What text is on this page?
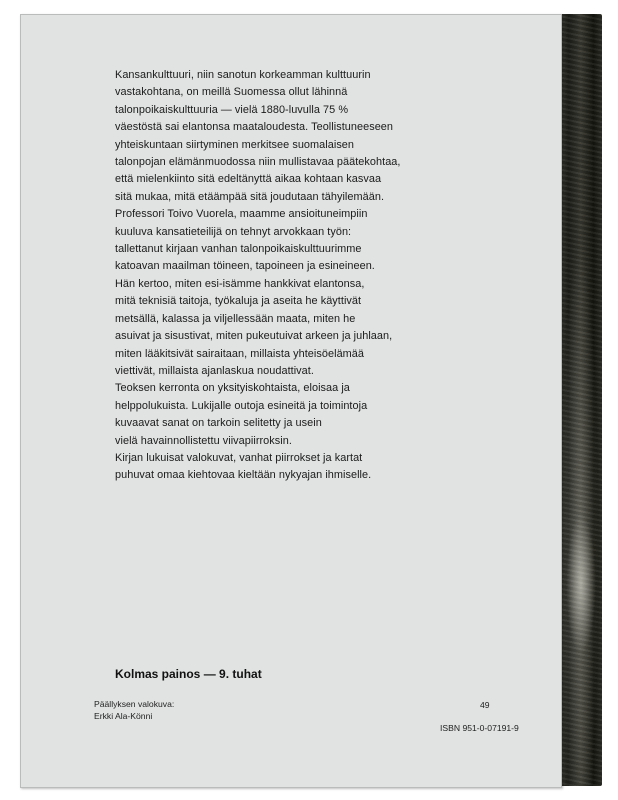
Kansankulttuuri, niin sanotun korkeamman kulttuurin
vastakohtana, on meillä Suomessa ollut lähinnä
talonpoikaiskulttuuria — vielä 1880-luvulla 75 %
väestöstä sai elantonsa maataloudesta. Teollistuneeseen
yhteiskuntaan siirtyminen merkitsee suomalaisen
talonpojan elämänmuodossa niin mullistavaa päätekohtaa,
että mielenkiinto sitä edeltänyttä aikaa kohtaan kasvaa
sitä mukaa, mitä etäämpää sitä joudutaan tähyilemään.
Professori Toivo Vuorela, maamme ansioituneimpiin
kuuluva kansatieteilijä on tehnyt arvokkaan työn:
tallettanut kirjaan vanhan talonpoikaiskulttuurimme
katoavan maailman töineen, tapoineen ja esineineen.
Hän kertoo, miten esi-isämme hankkivat elantonsa,
mitä teknisiä taitoja, työkaluja ja aseita he käyttivät
metsällä, kalassa ja viljellessään maata, miten he
asuivat ja sisustivat, miten pukeutuivat arkeen ja juhlaan,
miten lääkitsivät sairaitaan, millaista yhteisöelämää
viettivät, millaista ajanlaskua noudattivat.
Teoksen kerronta on yksityiskohtaista, eloisaa ja
helppolukuista. Lukijalle outoja esineitä ja toimintoja
kuvaavat sanat on tarkoin selitetty ja usein
vielä havainnollistettu viivapiirroksin.
Kirjan lukuisat valokuvat, vanhat piirrokset ja kartat
puhuvat omaa kiehtovaa kieltään nykyajan ihmiselle.
Kolmas painos — 9. tuhat
Päällyksen valokuva:
Erkki Ala-Könni
49
ISBN 951-0-07191-9
